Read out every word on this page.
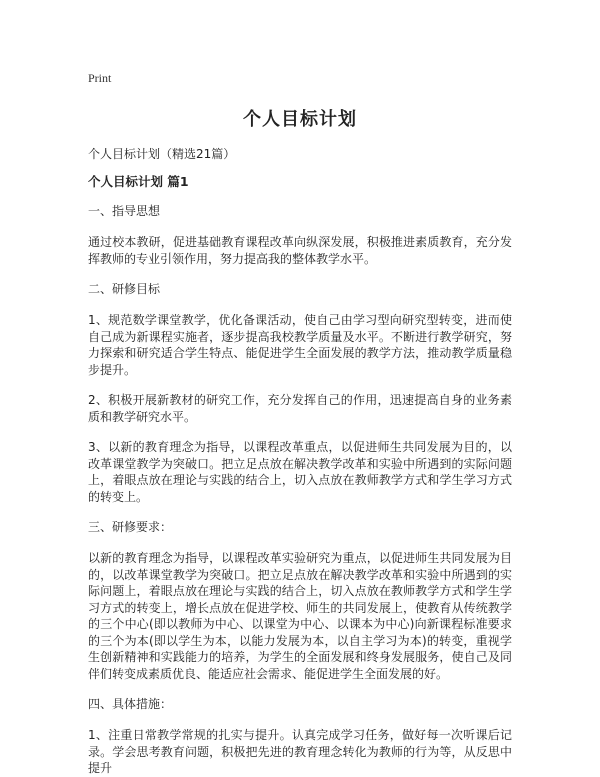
Print
个人目标计划
个人目标计划（精选21篇）
个人目标计划 篇1
一、指导思想
通过校本教研，促进基础教育课程改革向纵深发展，积极推进素质教育，充分发挥教师的专业引领作用，努力提高我的整体教学水平。
二、研修目标
1、规范数学课堂教学，优化备课活动，使自己由学习型向研究型转变，进而使自己成为新课程实施者，逐步提高我校教学质量及水平。不断进行教学研究，努力探索和研究适合学生特点、能促进学生全面发展的教学方法，推动教学质量稳步提升。
2、积极开展新教材的研究工作，充分发挥自己的作用，迅速提高自身的业务素质和教学研究水平。
3、以新的教育理念为指导，以课程改革重点，以促进师生共同发展为目的，以改革课堂教学为突破口。把立足点放在解决教学改革和实验中所遇到的实际问题上，着眼点放在理论与实践的结合上，切入点放在教师教学方式和学生学习方式的转变上。
三、研修要求：
以新的教育理念为指导，以课程改革实验研究为重点，以促进师生共同发展为目的，以改革课堂教学为突破口。把立足点放在解决教学改革和实验中所遇到的实际问题上，着眼点放在理论与实践的结合上，切入点放在教师教学方式和学生学习方式的转变上，增长点放在促进学校、师生的共同发展上，使教育从传统教学的三个中心(即以教师为中心、以课堂为中心、以课本为中心)向新课程标准要求的三个为本(即以学生为本，以能力发展为本，以自主学习为本)的转变，重视学生创新精神和实践能力的培养，为学生的全面发展和终身发展服务，使自己及同伴们转变成素质优良、能适应社会需求、能促进学生全面发展的好。
四、具体措施：
1、注重日常教学常规的扎实与提升。认真完成学习任务，做好每一次听课后记录。学会思考教育问题，积极把先进的教育理念转化为教师的行为等，从反思中提升
